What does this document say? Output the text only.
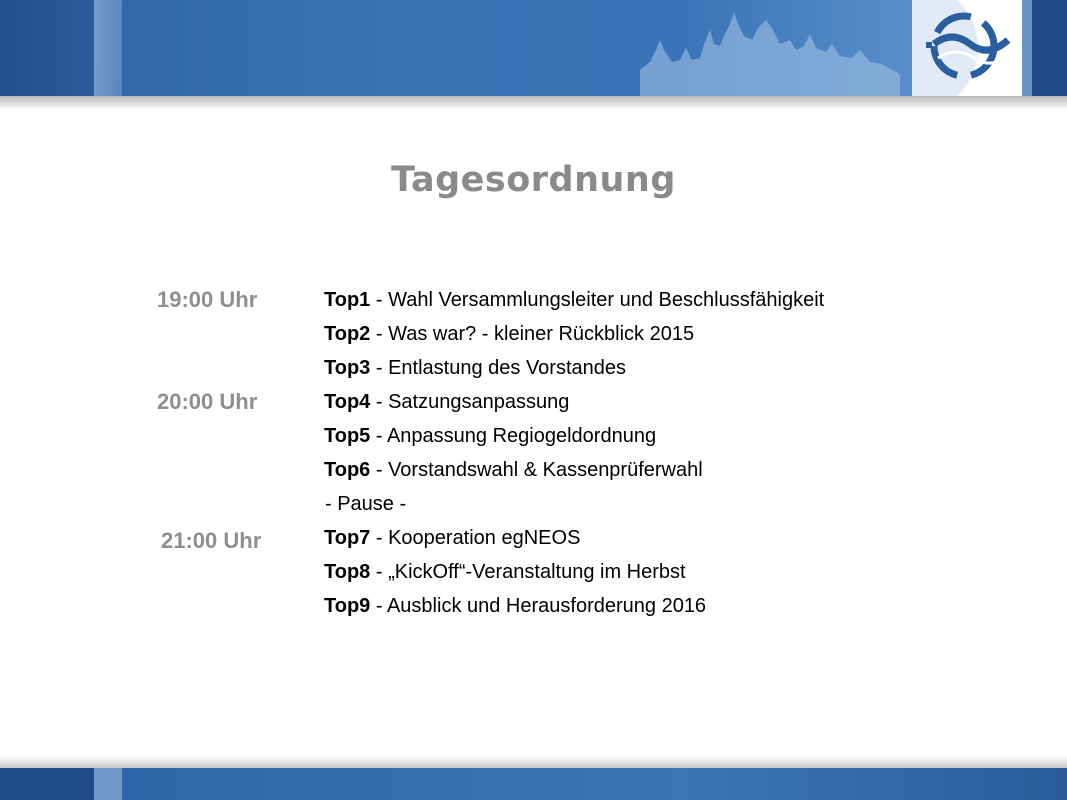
Tagesordnung
19:00 Uhr
20:00 Uhr
21:00 Uhr
Top1 - Wahl Versammlungsleiter und Beschlussfähigkeit
Top2 - Was war? - kleiner Rückblick 2015
Top3 - Entlastung des Vorstandes
Top4 - Satzungsanpassung
Top5 - Anpassung Regiogeldordnung
Top6 - Vorstandswahl & Kassenprüferwahl
- Pause -
Top7 - Kooperation egNEOS
Top8 - „KickOff“-Veranstaltung im Herbst
Top9 - Ausblick und Herausforderung 2016
